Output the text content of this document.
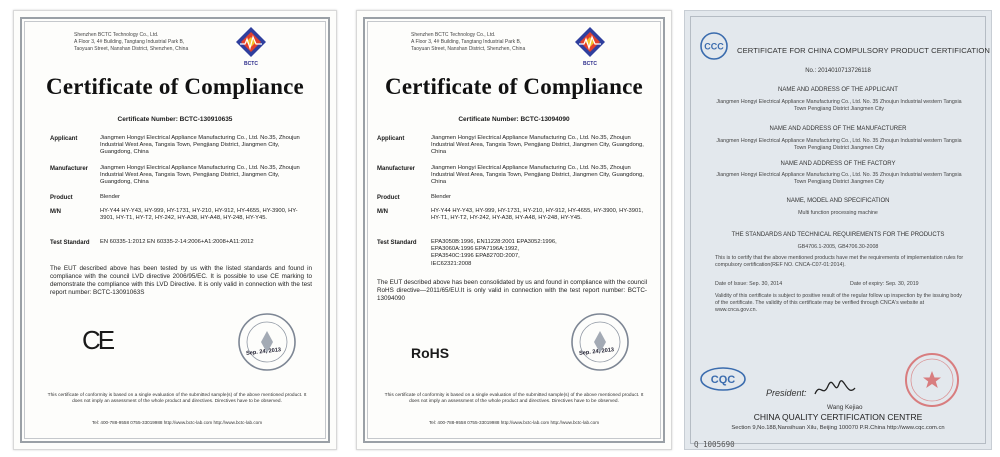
Shenzhen BCTC Technology Co., Ltd.
A Floor 3, 4# Building, Tangtang Industrial Park B,
Taoyuan Street, Nanshan District, Shenzhen, China
BCTC
Certificate of Compliance
Certificate Number: BCTC-130910635
Applicant	Jiangmen Hongyi Electrical Appliance Manufacturing Co., Ltd. No.35, Zhoujun Industrial West Area, Tangxia Town, Pengjiang District, Jiangmen City, Guangdong, China
Manufacturer Jiangmen Hongyi Electrical Appliance Manufacturing Co., Ltd. No.35, Zhoujun Industrial West Area, Tangxia Town, Pengjiang District, Jiangmen City, Guangdong, China
Product	Blender
M/N	HY-Y44 HY-Y43, HY-999, HY-1731, HY-210, HY-912, HY-4655, HY-3900, HY-3901, HY-T1, HY-T2, HY-242, HY-A38, HY-A48, HY-248, HY-Y45.
Test Standard EN 60335-1:2012 EN 60335-2-14:2006+A1:2008+A11:2012
The EUT described above has been tested by us with the listed standards and found in compliance with the council LVD directive 2006/95/EC. It is possible to use CE marking to demonstrate the compliance with this LVD Directive. It is only valid in connection with the test report number: BCTC-13091063S
CE	Sep. 24, 2013
This certificate of conformity is based on a single evaluation of the submitted sample(s) of the above mentioned product. It does not imply an assessment of the whole product and directives. Directives have to be observed.
Tel: 400-788-9558 0755-33019988 http://www.bctc-lab.com http://www.bctc-lab.com
Shenzhen BCTC Technology Co., Ltd.
A Floor 3, 4# Building, Tangtang Industrial Park B,
Taoyuan Street, Nanshan District, Shenzhen, China
BCTC
Certificate of Compliance
Certificate Number: BCTC-13094090
Applicant	Jiangmen Hongyi Electrical Appliance Manufacturing Co., Ltd. No.35, Zhoujun Industrial West Area, Tangxia Town, Pengjiang District, Jiangmen City, Guangdong, China
Manufacturer	Jiangmen Hongyi Electrical Appliance Manufacturing Co., Ltd. No.35, Zhoujun Industrial West Area, Tangxia Town, Pengjiang District, Jiangmen City, Guangdong, China
Product	Blender
M/N	HY-Y44 HY-Y43, HY-999, HY-1731, HY-210, HY-912, HY-4655, HY-3900, HY-3901, HY-T1, HY-T2, HY-242, HY-A38, HY-A48, HY-248, HY-Y45.
Test Standard EPA3050B:1996, EN11228:2001 EPA3052:1996, EPA3060A:1996 EPA7196A:1992, EPA3540C:1996 EPA8270D:2007, IEC62321:2008
The EUT described above has been consolidated by us and found in compliance with the council RoHS directive—2011/65/EU.It is only valid in connection with the test report number: BCTC-13094090
RoHS	Sep. 24, 2013
This certificate of conformity is based on a single evaluation of the submitted sample(s) of the above mentioned product. It does not imply an assessment of the whole product and directives. Directives have to be observed.
Tel: 400-788-9558 0755-33019988 http://www.bctc-lab.com http://www.bctc-lab.com
CCC CERTIFICATE FOR CHINA COMPULSORY PRODUCT CERTIFICATION
No.: 2014010713726118
NAME AND ADDRESS OF THE APPLICANT
Jiangmen Hongyi Electrical Appliance Manufacturing Co., Ltd. No. 35 Zhoujun Industrial western Tangxia Town Pengjiang District Jiangmen City
NAME AND ADDRESS OF THE MANUFACTURER
Jiangmen Hongyi Electrical Appliance Manufacturing Co., Ltd. No. 35 Zhoujun Industrial western Tangxia Town Pengjiang District Jiangmen City
NAME AND ADDRESS OF THE FACTORY
Jiangmen Hongyi Electrical Appliance Manufacturing Co., Ltd. No. 35 Zhoujun Industrial western Tangxia Town Pengjiang District Jiangmen City
NAME, MODEL AND SPECIFICATION
Multi function processing machine
THE STANDARDS AND TECHNICAL REQUIREMENTS FOR THE PRODUCTS
GB4706.1-2005, GB4706.30-2008
This is to certify that the above mentioned products have met the requirements of implementation rules for compulsory certification(REF NO. CNCA-C07-01:2014).
Date of Issue: Sep. 30, 2014	Date of expiry: Sep. 30, 2019
Validity of this certificate is subject to positive result of the regular follow up inspection by the issuing body of the certificate. The validity of this certificate may be verified through CNCA's website at www.cnca.gov.cn.
CQC
President:
Wang Kejiao
CHINA QUALITY CERTIFICATION CENTRE
Section 9,No.188,Nansihuan Xilu, Beijing 100070 P.R.China http://www.cqc.com.cn
Q 1005690
